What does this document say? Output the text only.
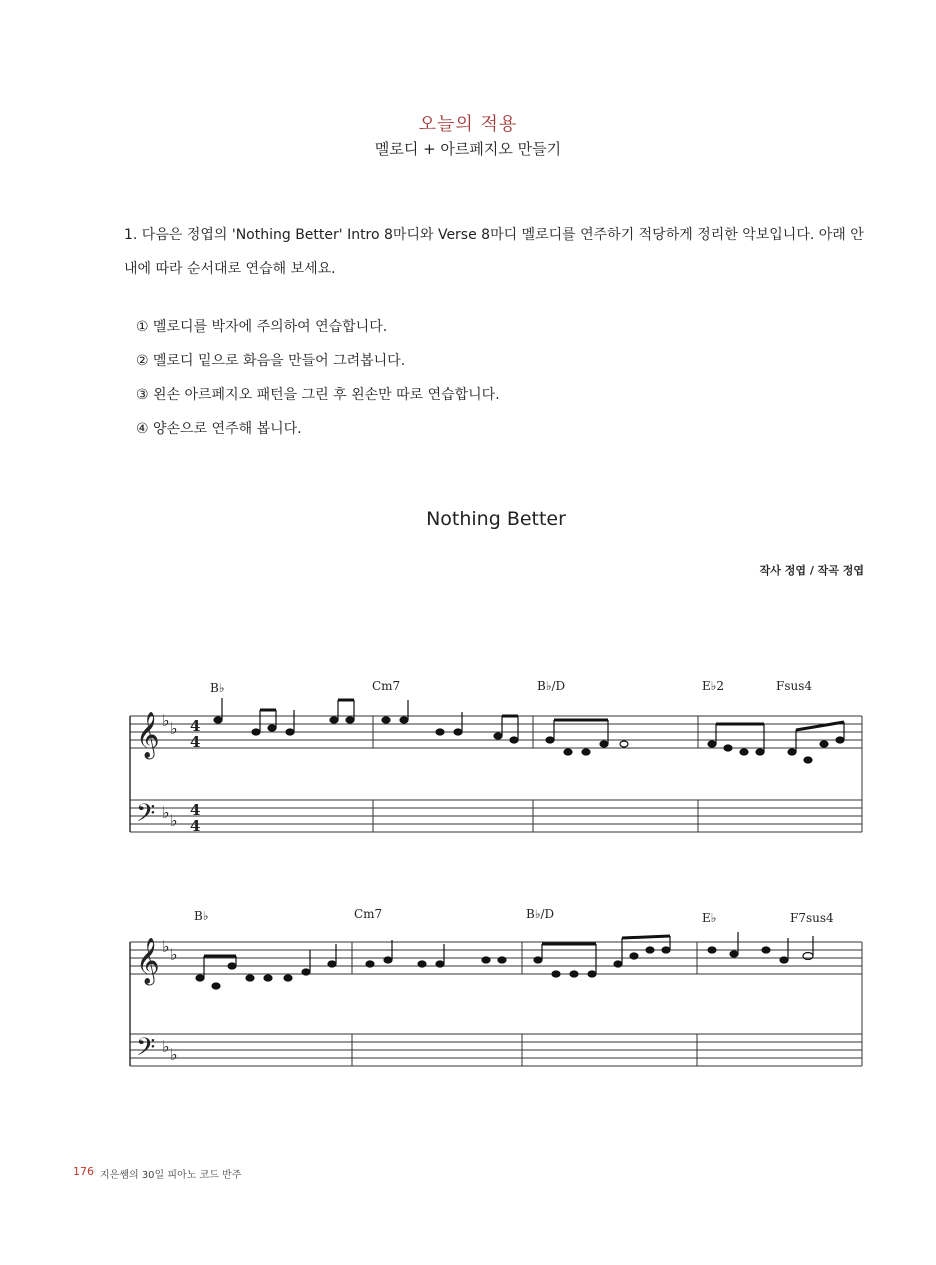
오늘의 적용
멜로디 + 아르페지오 만들기
1. 다음은 정엽의 'Nothing Better' Intro 8마디와 Verse 8마디 멜로디를 연주하기 적당하게 정리한 악보입니다. 아래 안내에 따라 순서대로 연습해 보세요.
① 멜로디를 박자에 주의하여 연습합니다.
② 멜로디 밑으로 화음을 만들어 그려봅니다.
③ 왼손 아르페지오 패턴을 그린 후 왼손만 따로 연습합니다.
④ 양손으로 연주해 봅니다.
Nothing Better
작사 정엽 / 작곡 정엽
𝄞
𝄢
♭ ♭
♭ ♭
4
4
4
4
𝄞
𝄢
♭ ♭
♭ ♭
B♭	Cm7	B♭/D	E♭2	Fsus4
B♭	Cm7	B♭/D	E♭	F7sus4
176 지은쌤의 30일 피아노 코드 반주
